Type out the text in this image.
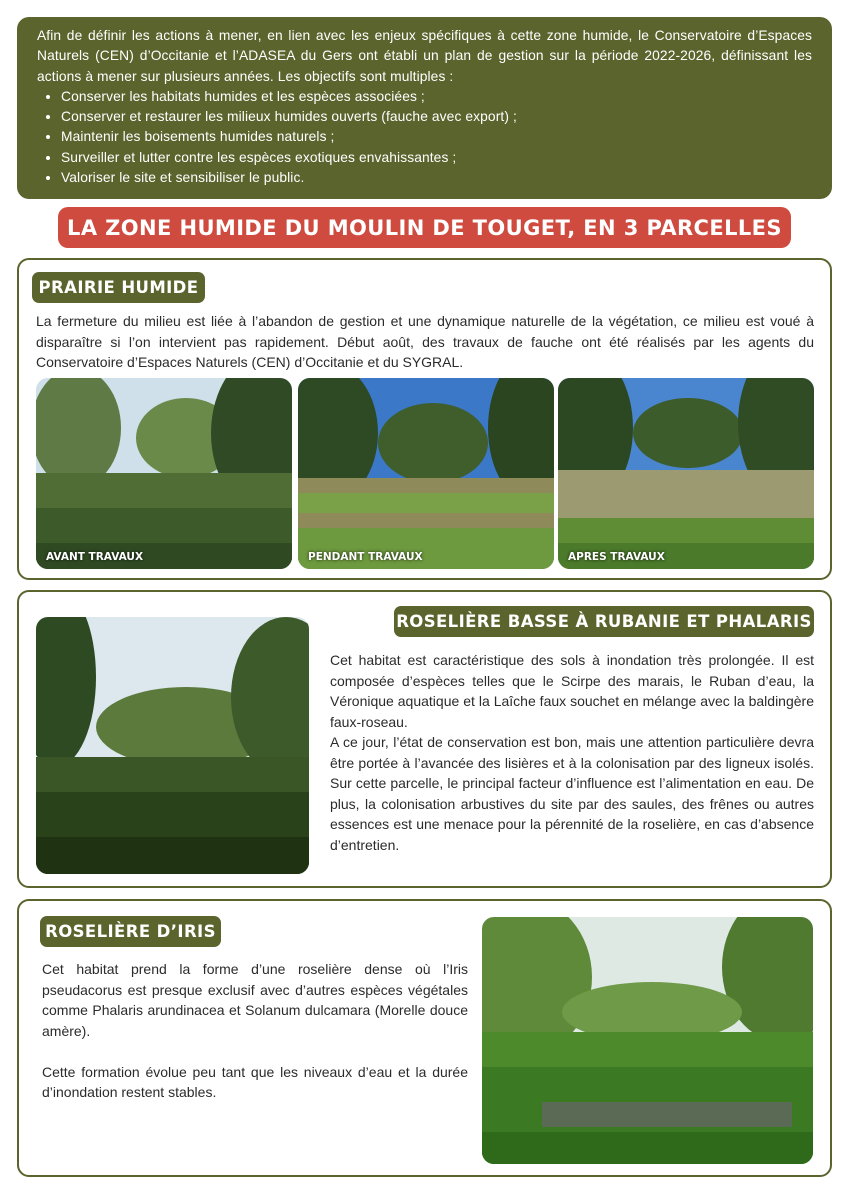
Afin de définir les actions à mener, en lien avec les enjeux spécifiques à cette zone humide, le Conservatoire d’Espaces Naturels (CEN) d’Occitanie et l’ADASEA du Gers ont établi un plan de gestion sur la période 2022-2026, définissant les actions à mener sur plusieurs années. Les objectifs sont multiples :

• Conserver les habitats humides et les espèces associées ;
• Conserver et restaurer les milieux humides ouverts (fauche avec export) ;
• Maintenir les boisements humides naturels ;
• Surveiller et lutter contre les espèces exotiques envahissantes ;
• Valoriser le site et sensibiliser le public.
LA ZONE HUMIDE DU MOULIN DE TOUGET, EN 3 PARCELLES
PRAIRIE HUMIDE
La fermeture du milieu est liée à l’abandon de gestion et une dynamique naturelle de la végétation, ce milieu est voué à disparaître si l’on intervient pas rapidement. Début août, des travaux de fauche ont été réalisés par les agents du Conservatoire d’Espaces Naturels (CEN) d’Occitanie et du SYGRAL.
AVANT TRAVAUX	PENDANT TRAVAUX	APRES TRAVAUX
ROSELIÈRE BASSE À RUBANIE ET PHALARIS

Cet habitat est caractéristique des sols à inondation très prolongée. Il est composée d’espèces telles que le Scirpe des marais, le Ruban d’eau, la Véronique aquatique et la Laîche faux souchet en mélange avec la baldingère faux-roseau.

A ce jour, l’état de conservation est bon, mais une attention particulière devra être portée à l’avancée des lisières et à la colonisation par des ligneux isolés. Sur cette parcelle, le principal facteur d’influence est l’alimentation en eau. De plus, la colonisation arbustives du site par des saules, des frênes ou autres essences est une menace pour la pérennité de la roselière, en cas d’absence d’entretien.

ROSELIÈRE D’IRIS

Cet habitat prend la forme d’une roselière dense où l’Iris pseudacorus est presque exclusif avec d’autres espèces végétales comme Phalaris arundinacea et Solanum dulcamara (Morelle douce amère).

Cette formation évolue peu tant que les niveaux d’eau et la durée d’inondation restent stables.
